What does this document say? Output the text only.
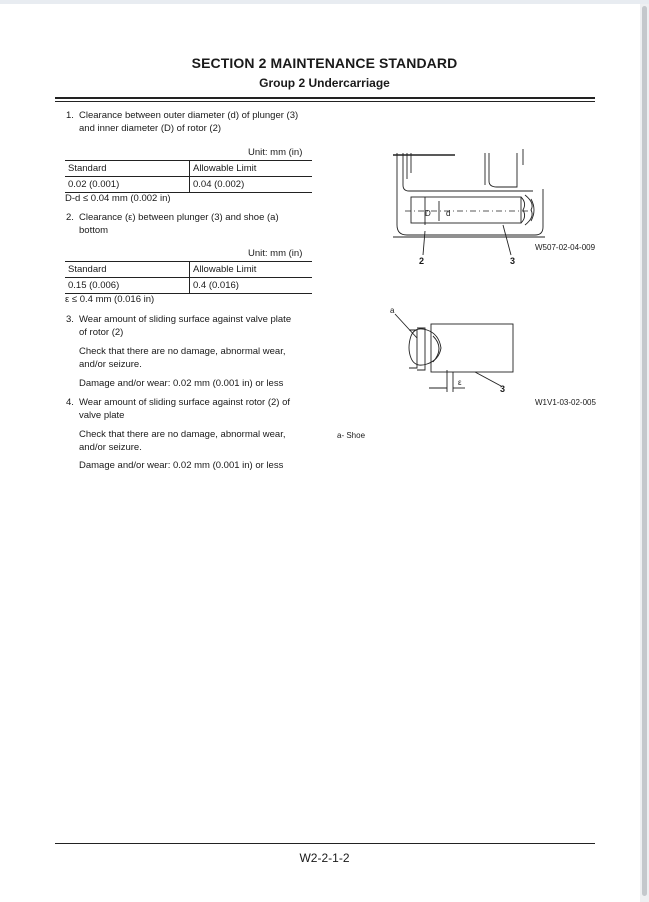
SECTION 2 MAINTENANCE STANDARD
Group 2 Undercarriage
1. Clearance between outer diameter (d) of plunger (3)
and inner diameter (D) of rotor (2)
Unit: mm (in)
Standard	Allowable Limit
0.02 (0.001)	0.04 (0.002)
D-d ≤ 0.04 mm (0.002 in)
2. Clearance (ε) between plunger (3) and shoe (a)
bottom
Unit: mm (in)
Standard	Allowable Limit
0.15 (0.006)	0.4 (0.016)
ε ≤ 0.4 mm (0.016 in)
3. Wear amount of sliding surface against valve plate
of rotor (2)
Check that there are no damage, abnormal wear,
and/or seizure.
Damage and/or wear: 0.02 mm (0.001 in) or less
4. Wear amount of sliding surface against rotor (2) of
valve plate
Check that there are no damage, abnormal wear,
and/or seizure.
Damage and/or wear: 0.02 mm (0.001 in) or less
D d
2	3
W507-02-04-009
a
ε
3
W1V1-03-02-005
a- Shoe
W2-2-1-2
